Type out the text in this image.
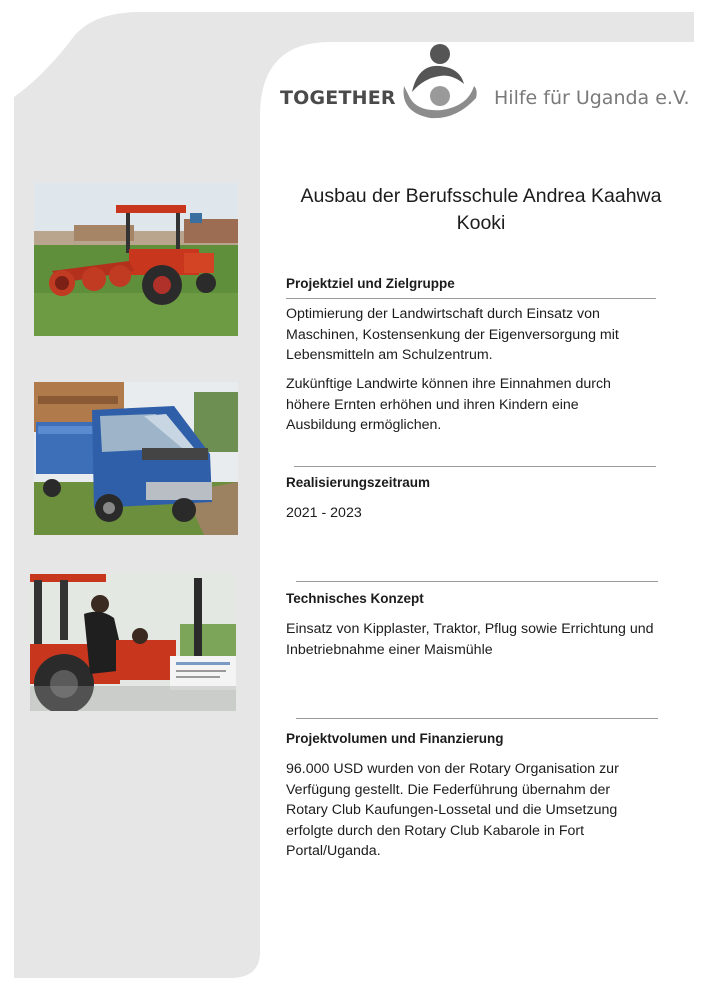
TOGETHER	Hilfe für Uganda e.V.
Ausbau der Berufsschule Andrea Kaahwa
Kooki
Projektziel und Zielgruppe
Optimierung der Landwirtschaft durch Einsatz von
Maschinen, Kostensenkung der Eigenversorgung mit
Lebensmitteln am Schulzentrum.
Zukünftige Landwirte können ihre Einnahmen durch
höhere Ernten erhöhen und ihren Kindern eine
Ausbildung ermöglichen.
Realisierungszeitraum
2021 - 2023
Technisches Konzept
Einsatz von Kipplaster, Traktor, Pflug sowie Errichtung und
Inbetriebnahme einer Maismühle
Projektvolumen und Finanzierung
96.000 USD wurden von der Rotary Organisation zur
Verfügung gestellt. Die Federführung übernahm der
Rotary Club Kaufungen-Lossetal und die Umsetzung
erfolgte durch den Rotary Club Kabarole in Fort
Portal/Uganda.
